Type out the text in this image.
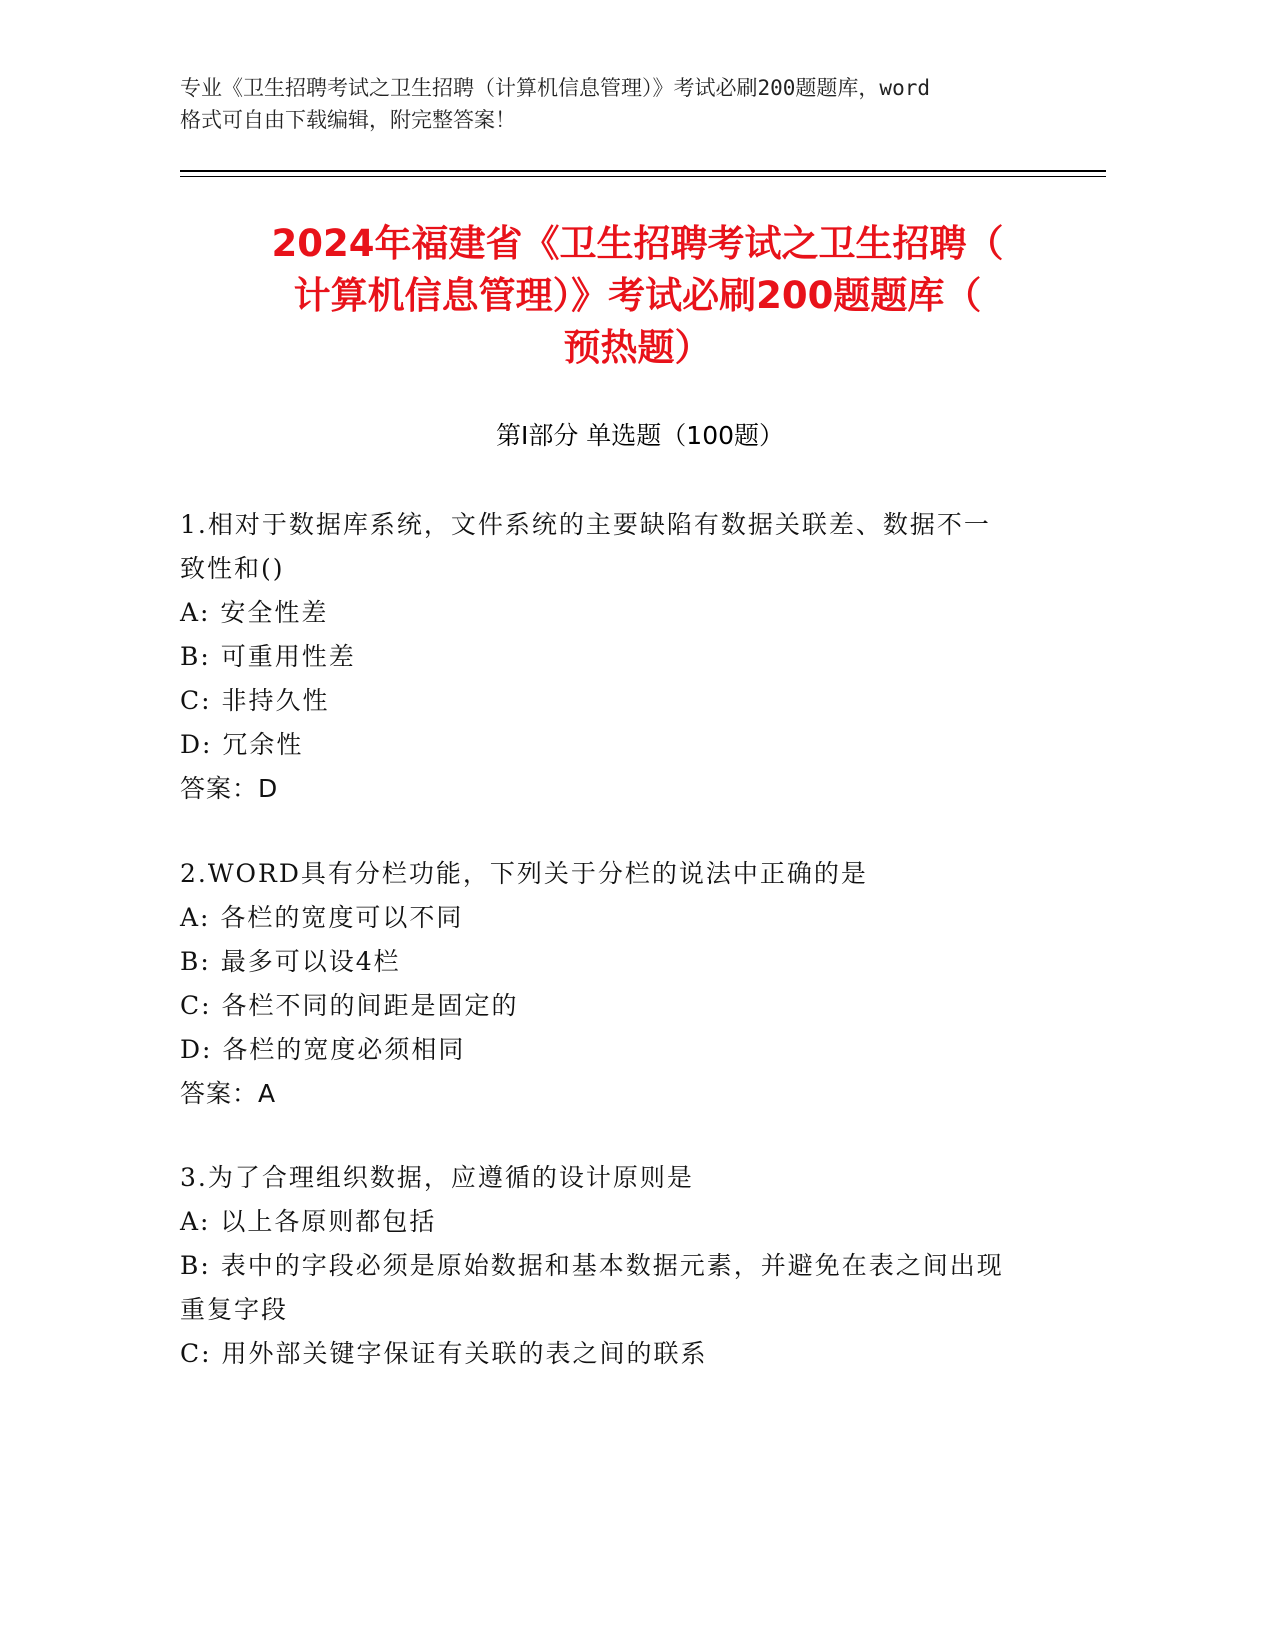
专业《卫生招聘考试之卫生招聘（计算机信息管理）》考试必刷200题题库，word
格式可自由下载编辑，附完整答案！
2024年福建省《卫生招聘考试之卫生招聘（
计算机信息管理）》考试必刷200题题库（
预热题）
第Ⅰ部分 单选题（100题）
1.相对于数据库系统，文件系统的主要缺陷有数据关联差、数据不一
致性和()
A: 安全性差
B: 可重用性差
C: 非持久性
D: 冗余性
答案：D
2.WORD具有分栏功能，下列关于分栏的说法中正确的是
A: 各栏的宽度可以不同
B: 最多可以设4栏
C: 各栏不同的间距是固定的
D: 各栏的宽度必须相同
答案：A
3.为了合理组织数据，应遵循的设计原则是
A: 以上各原则都包括
B: 表中的字段必须是原始数据和基本数据元素，并避免在表之间出现
重复字段
C: 用外部关键字保证有关联的表之间的联系
